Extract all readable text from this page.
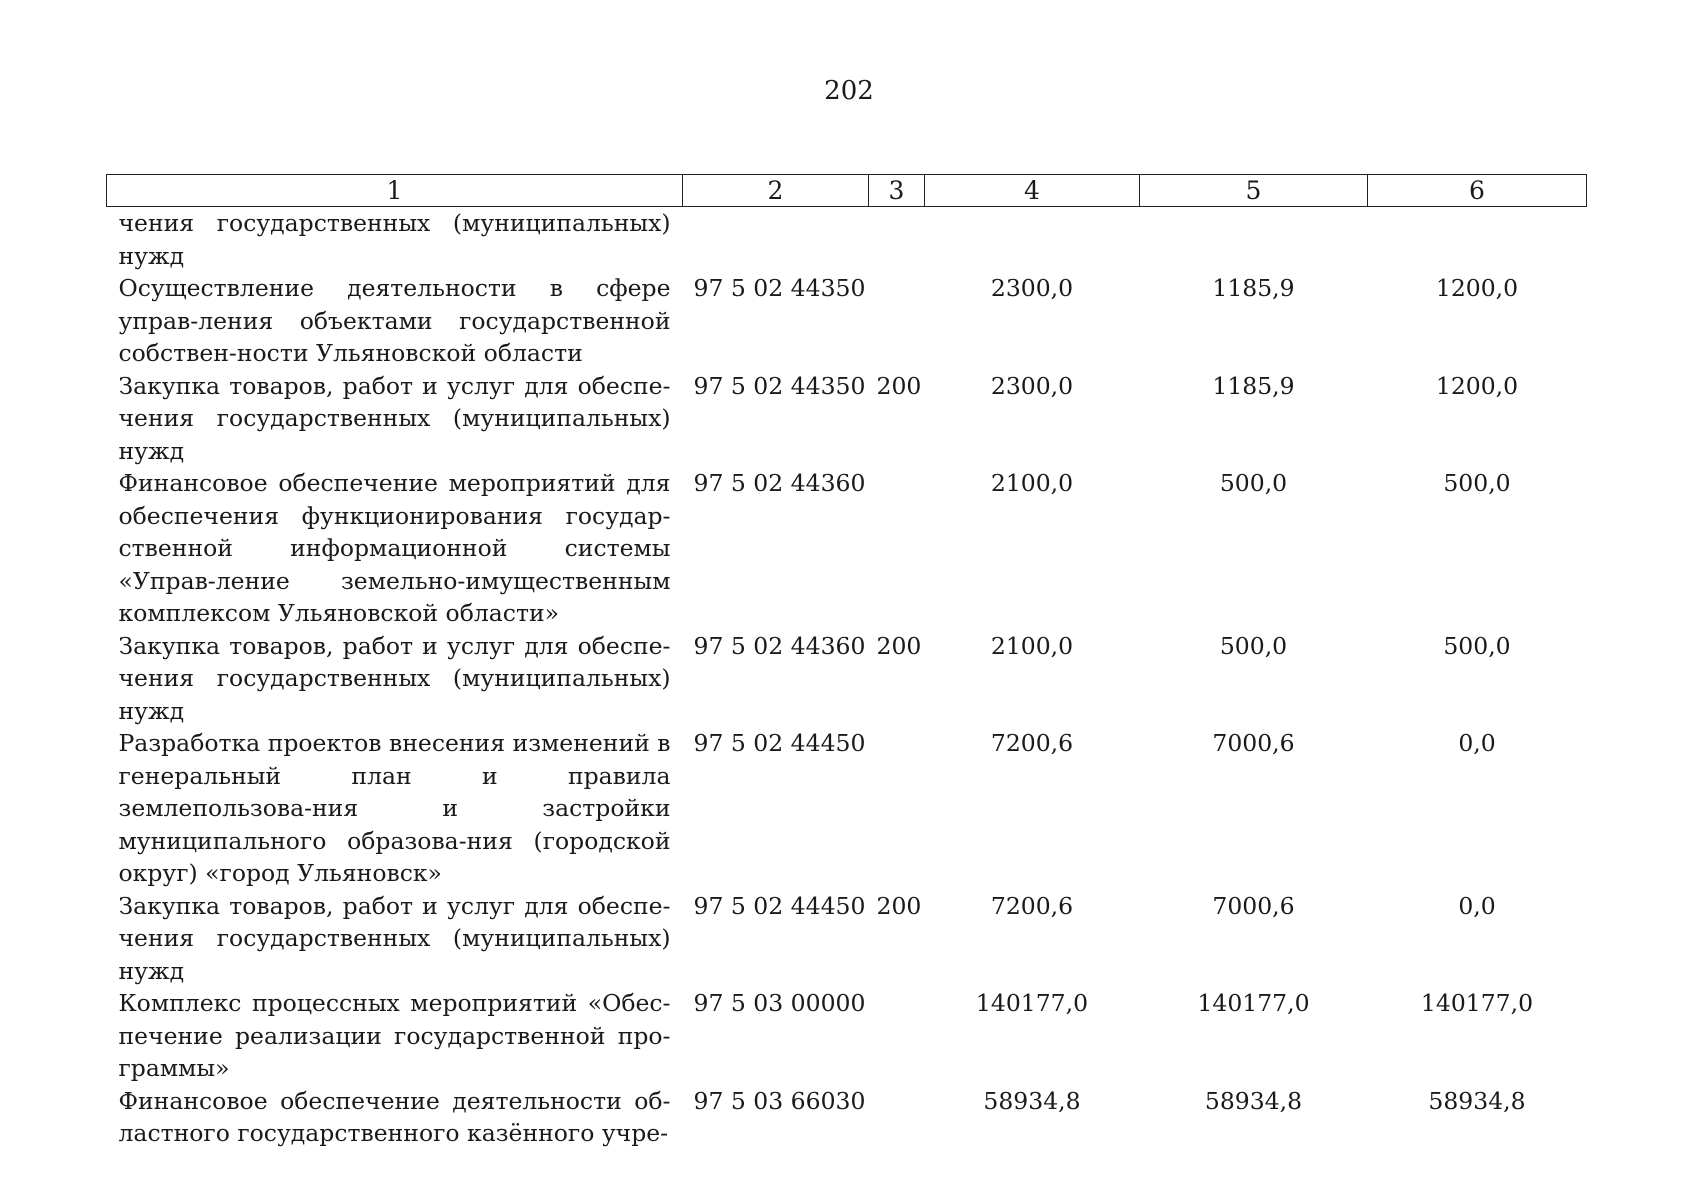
202
1	2	3	4	5	6
чения государственных (муниципальных) нужд					
Осуществление деятельности в сфере управ-ления объектами государственной собствен-ности Ульяновской области	97 5 02 44350		2300,0	1185,9	1200,0
Закупка товаров, работ и услуг для обеспе-чения государственных (муниципальных) нужд	97 5 02 44350	200	2300,0	1185,9	1200,0
Финансовое обеспечение мероприятий для обеспечения функционирования государ-ственной информационной системы «Управ-ление земельно-имущественным комплексом Ульяновской области»	97 5 02 44360		2100,0	500,0	500,0
Закупка товаров, работ и услуг для обеспе-чения государственных (муниципальных) нужд	97 5 02 44360	200	2100,0	500,0	500,0
Разработка проектов внесения изменений в генеральный план и правила землепользова-ния и застройки муниципального образова-ния (городской округ) «город Ульяновск»	97 5 02 44450		7200,6	7000,6	0,0
Закупка товаров, работ и услуг для обеспе-чения государственных (муниципальных) нужд	97 5 02 44450	200	7200,6	7000,6	0,0
Комплекс процессных мероприятий «Обес-печение реализации государственной про-граммы»	97 5 03 00000		140177,0	140177,0	140177,0
Финансовое обеспечение деятельности об-ластного государственного казённого учре-	97 5 03 66030		58934,8	58934,8	58934,8
